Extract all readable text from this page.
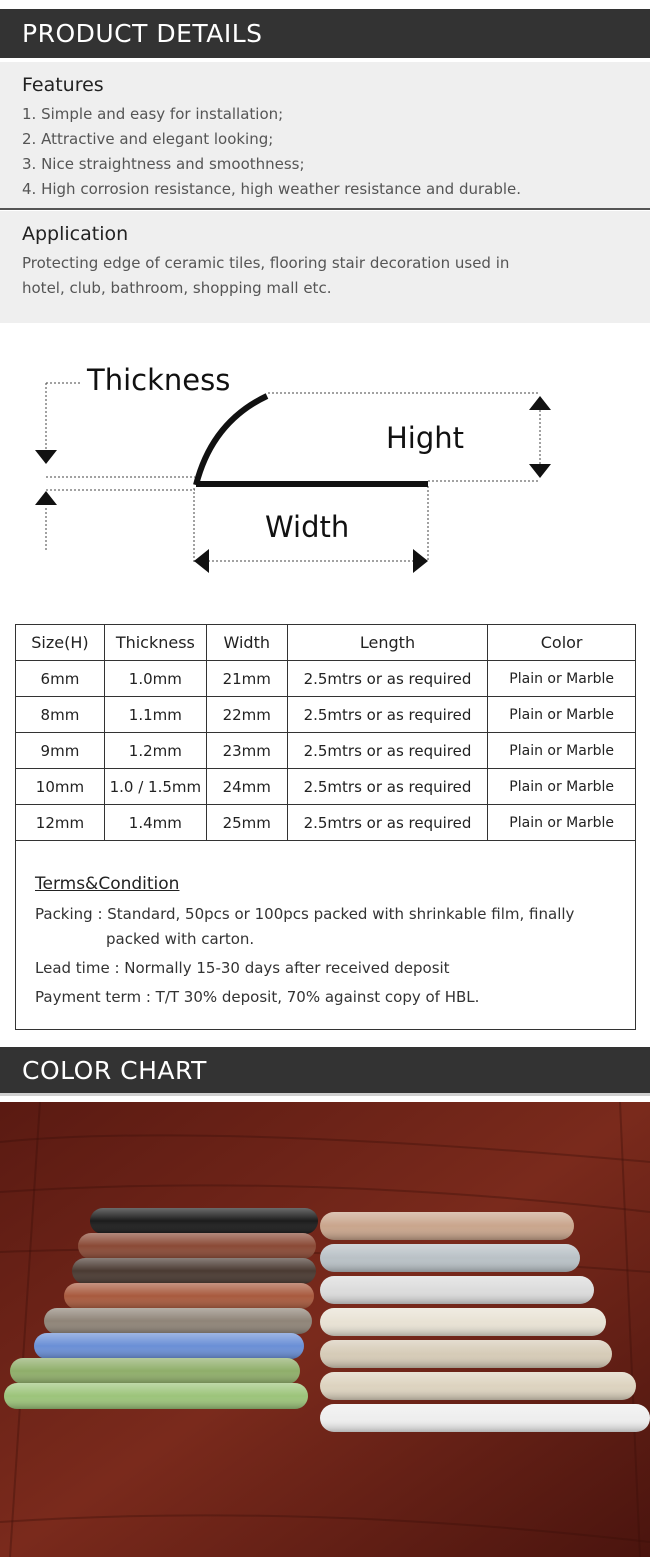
PRODUCT DETAILS
Features
1. Simple and easy for installation;
2. Attractive and elegant looking;
3. Nice straightness and smoothness;
4. High corrosion resistance, high weather resistance and durable.
Application

Protecting edge of ceramic tiles, flooring stair decoration used in hotel, club, bathroom, shopping mall etc.

Thickness
Hight
Width
Size(H)	Thickness	Width	Length	Color
6mm	1.0mm	21mm	2.5mtrs or as required	Plain or Marble
8mm	1.1mm	22mm	2.5mtrs or as required	Plain or Marble
9mm	1.2mm	23mm	2.5mtrs or as required	Plain or Marble
10mm	1.0 / 1.5mm	24mm	2.5mtrs or as required	Plain or Marble
12mm	1.4mm	25mm	2.5mtrs or as required	Plain or Marble
Terms&Condition
Packing : Standard, 50pcs or 100pcs packed with shrinkable film, finally
packed with carton.
Lead time : Normally 15-30 days after received deposit
Payment term : T/T 30% deposit, 70% against copy of HBL.
COLOR CHART
